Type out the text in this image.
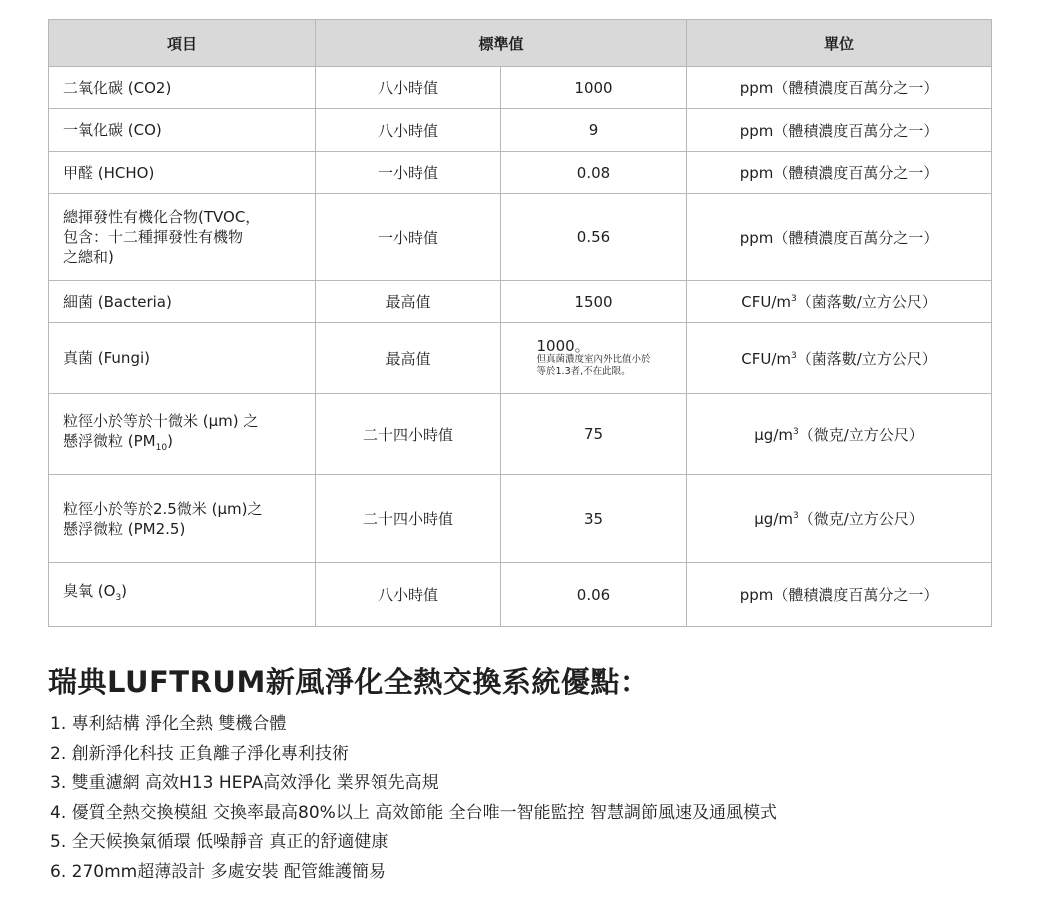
項目	標準值		單位
二氧化碳 (CO2)	八小時值	1000	ppm（體積濃度百萬分之一）
一氧化碳 (CO)	八小時值	9	ppm（體積濃度百萬分之一）
甲醛 (HCHO)	一小時值	0.08	ppm（體積濃度百萬分之一）
總揮發性有機化合物(TVOC，
包含：十二種揮發性有機物
之總和)	一小時值	0.56	ppm（體積濃度百萬分之一）
細菌 (Bacteria)	最高值	1500	CFU/$m^3$（菌落數/立方公尺）
真菌 (Fungi)	最高值	1000。
但真菌濃度室內外比值小於
等於1.3者,不在此限。	CFU/$m^3$（菌落數/立方公尺）
粒徑小於等於十微米 (μm) 之
懸浮微粒 $(PM_{10})$	二十四小時值	75	$\mu g/m^3$（微克/立方公尺）
粒徑小於等於2.5微米 (μm)之
懸浮微粒 (PM2.5)	二十四小時值	35	$\mu g/m^3$（微克/立方公尺）
臭氧 $(O_3)$	八小時值	0.06	ppm（體積濃度百萬分之一）
瑞典LUFTRUM新風淨化全熱交換系統優點：
1. 專利結構 淨化全熱 雙機合體
2. 創新淨化科技 正負離子淨化專利技術
3. 雙重濾網 高效H13 HEPA高效淨化 業界領先高規
4. 優質全熱交換模組 交換率最高80%以上 高效節能 全台唯一智能監控 智慧調節風速及通風模式
5. 全天候換氣循環 低噪靜音 真正的舒適健康
6. 270mm超薄設計 多處安裝 配管維護簡易
